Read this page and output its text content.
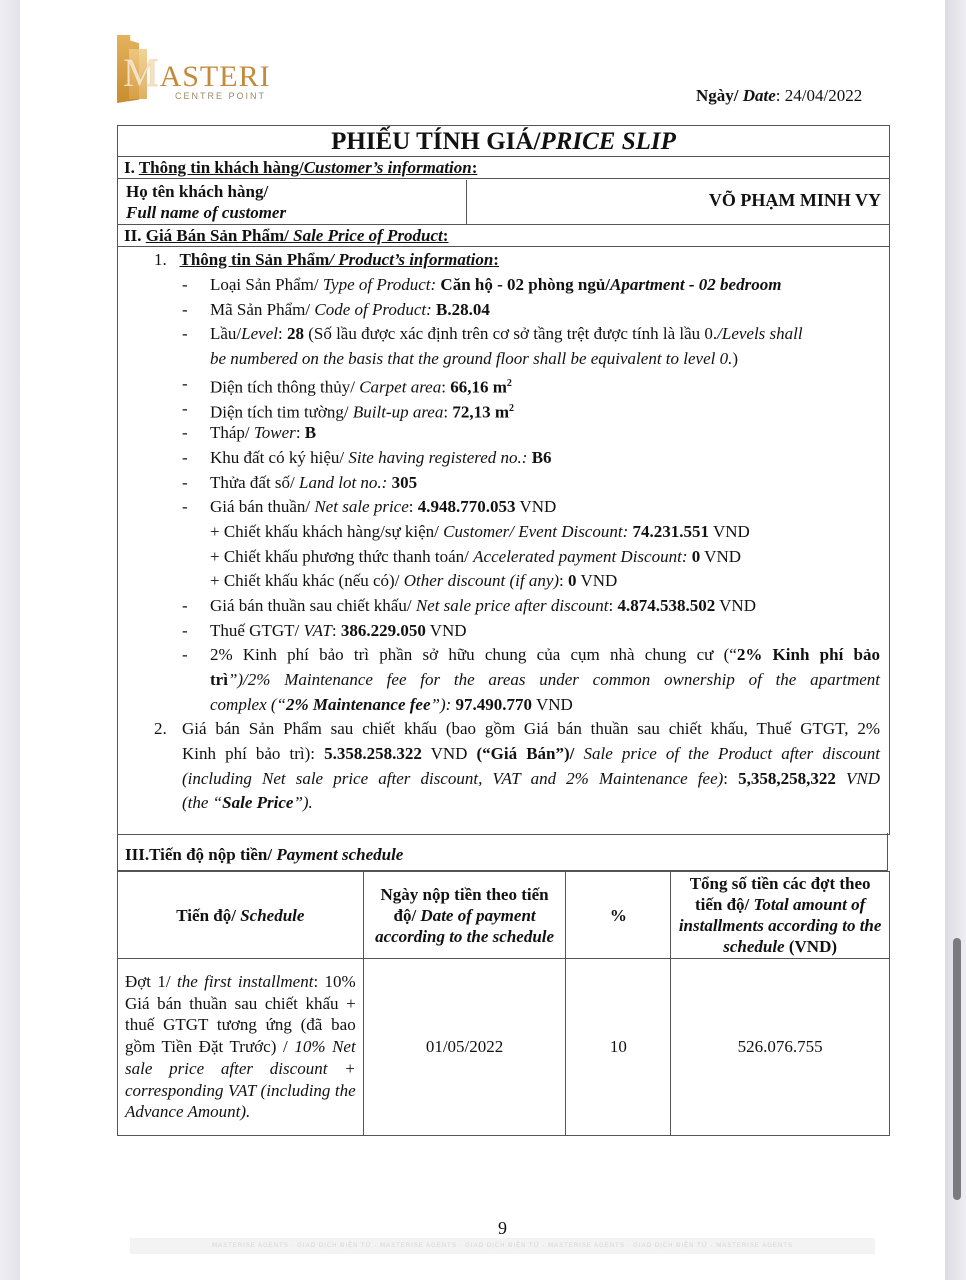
MASTERI
CENTRE POINT	Ngày/ Date: 24/04/2022
PHIẾU TÍNH GIÁ/PRICE SLIP
I. Thông tin khách hàng/Customer’s information:
Họ tên khách hàng/
Full name of customer
VÕ PHẠM MINH VY
II. Giá Bán Sản Phẩm/ Sale Price of Product:
1. Thông tin Sản Phẩm/ Product’s information:
- Loại Sản Phẩm/ Type of Product: Căn hộ - 02 phòng ngủ/Apartment - 02 bedroom
- Mã Sản Phẩm/ Code of Product: B.28.04
- Lầu/Level: 28 (Số lầu được xác định trên cơ sở tầng trệt được tính là lầu 0./Levels shall
be numbered on the basis that the ground floor shall be equivalent to level 0.)
- Diện tích thông thủy/ Carpet area: 66,16 $m^2$
- Diện tích tim tường/ Built-up area: 72,13 $m^2$
- Tháp/ Tower: B
- Khu đất có ký hiệu/ Site having registered no.: B6
- Thửa đất số/ Land lot no.: 305
- Giá bán thuần/ Net sale price: 4.948.770.053 VND
+ Chiết khấu khách hàng/sự kiện/ Customer/ Event Discount: 74.231.551 VND
+ Chiết khấu phương thức thanh toán/ Accelerated payment Discount: 0 VND
+ Chiết khấu khác (nếu có)/ Other discount (if any): 0 VND
- Giá bán thuần sau chiết khấu/ Net sale price after discount: 4.874.538.502 VND
- Thuế GTGT/ VAT: 386.229.050 VND
- 2% Kinh phí bảo trì phần sở hữu chung của cụm nhà chung cư (“2% Kinh phí bảo
trì”)/2% Maintenance fee for the areas under common ownership of the apartment
complex (“2% Maintenance fee”): 97.490.770 VND
2. Giá bán Sản Phẩm sau chiết khấu (bao gồm Giá bán thuần sau chiết khấu, Thuế GTGT, 2%
Kinh phí bảo trì): 5.358.258.322 VND (“Giá Bán”)/ Sale price of the Product after discount
(including Net sale price after discount, VAT and 2% Maintenance fee): 5,358,258,322 VND
(the “Sale Price”).
III.Tiến độ nộp tiền/ Payment schedule
Tiến độ/ Schedule	Ngày nộp tiền theo tiến độ/ Date of payment according to the schedule	%	Tổng số tiền các đợt theo tiến độ/ Total amount of installments according to the schedule (VND)
Đợt 1/ the first installment: 10% Giá bán thuần sau chiết khấu + thuế GTGT tương ứng (đã bao gồm Tiền Đặt Trước) / 10% Net sale price after discount + corresponding VAT (including the Advance Amount).	01/05/2022	10	526.076.755
9
MASTERISE AGENTS · GIAO DỊCH ĐIỆN TỬ · MASTERISE AGENTS · GIAO DỊCH ĐIỆN TỬ · MASTERISE AGENTS · GIAO DỊCH ĐIỆN TỬ · MASTERISE AGENTS
